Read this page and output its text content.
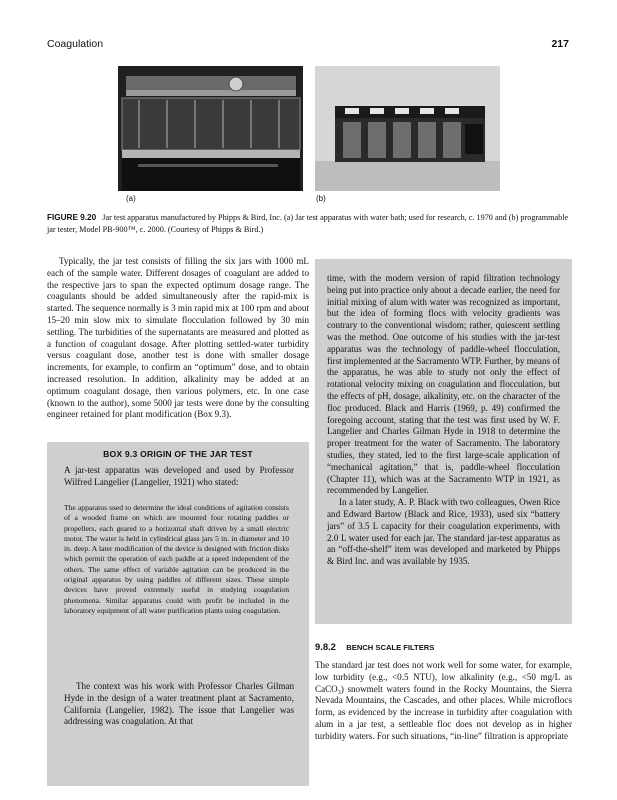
Coagulation	217
(a)	(b)
FIGURE 9.20 Jar test apparatus manufactured by Phipps & Bird, Inc. (a) Jar test apparatus with water bath; used for research, c. 1970 and (b) programmable jar tester, Model PB-900™, c. 2000. (Courtesy of Phipps & Bird.)

Typically, the jar test consists of filling the six jars with 1000 mL each of the sample water. Different dosages of coagulant are added to the respective jars to span the expected optimum dosage range. The coagulants should be added simultaneously after the rapid-mix is started. The sequence normally is 3 min rapid mix at 100 rpm and about 15–20 min slow mix to simulate flocculation followed by 30 min settling. The turbidities of the supernatants are measured and plotted as a function of coagulant dosage. After plotting settled-water turbidity versus coagulant dose, another test is done with smaller dosage increments, for example, to confirm an “optimum” dose, and to obtain increased resolution. In addition, alkalinity may be added at an optimum coagulant dosage, then various polymers, etc. In one case (known to the author), some 5000 jar tests were done by the consulting engineer retained for plant modification (Box 9.3).

BOX 9.3 ORIGIN OF THE JAR TEST

A jar-test apparatus was developed and used by Professor Wilfred Langelier (Langelier, 1921) who stated:

The apparatus used to determine the ideal conditions of agitation consists of a wooded frame on which are mounted four rotating paddles or propellers, each geared to a horizontal shaft driven by a small electric motor. The water is held in cylindrical glass jars 5 in. in diameter and 10 in. deep. A later modification of the device is designed with friction disks which permit the operation of each paddle at a speed independent of the others. The same effect of variable agitation can be produced in the original apparatus by using paddles of different sizes. These simple devices have proved extremely useful in studying coagulation phenomena. Similar apparatus could with profit be included in the laboratory equipment of all water purification plants using coagulation.

The context was his work with Professor Charles Gilman Hyde in the design of a water treatment plant at Sacramento, California (Langelier, 1982). The issue that Langelier was addressing was coagulation. At that

time, with the modern version of rapid filtration technology being put into practice only about a decade earlier, the need for initial mixing of alum with water was recognized as important, but the idea of forming flocs with velocity gradients was contrary to the conventional wisdom; rather, quiescent settling was the method. One outcome of his studies with the jar-test apparatus was the technology of paddle-wheel flocculation, first implemented at the Sacramento WTP. Further, by means of the apparatus, he was able to study not only the effect of rotational velocity mixing on coagulation and flocculation, but the effects of pH, dosage, alkalinity, etc. on the character of the floc produced. Black and Harris (1969, p. 49) confirmed the foregoing account, stating that the test was first used by W. F. Langelier and Charles Gilman Hyde in 1918 to determine the proper treatment for the water of Sacramento. The laboratory studies, they stated, led to the first large-scale application of “mechanical agitation,” that is, paddle-wheel flocculation (Chapter 11), which was at the Sacramento WTP in 1921, as recommended by Langelier.

In a later study, A. P. Black with two colleagues, Owen Rice and Edward Bartow (Black and Rice, 1933), used six “battery jars” of 3.5 L capacity for their coagulation experiments, with 2.0 L water used for each jar. The standard jar-test apparatus as an “off-the-shelf” item was developed and marketed by Phipps & Bird Inc. and was available by 1935.

9.8.2 BENCH SCALE FILTERS

The standard jar test does not work well for some water, for example, low turbidity (e.g., <0.5 NTU), low alkalinity (e.g., <50 mg/L as CaCO₃) snowmelt waters found in the Rocky Mountains, the Sierra Nevada Mountains, the Cascades, and other places. While microflocs form, as evidenced by the increase in turbidity after coagulation with alum in a jar test, a settleable floc does not develop as in higher turbidity waters. For such situations, “in-line” filtration is appropriate
